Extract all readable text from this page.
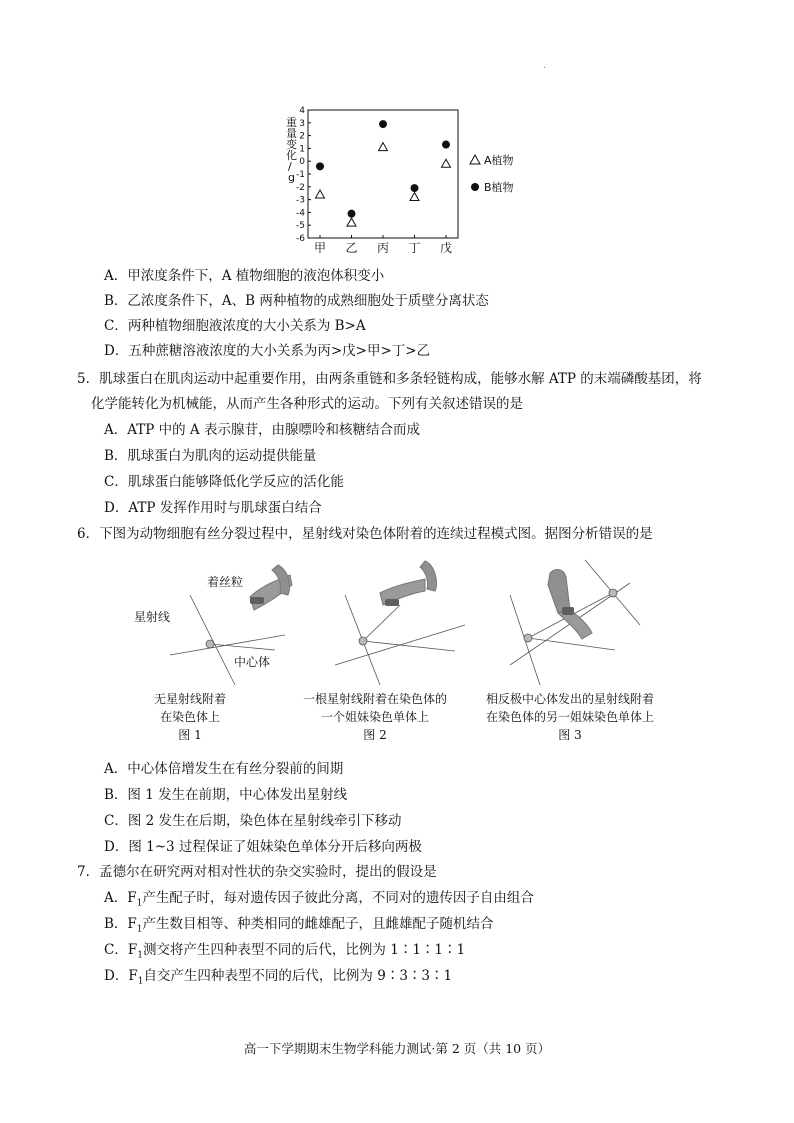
.
重量变化/ g
4
3
2
1
0
-1
-2
-3
-4
-5
-6
甲 乙 丙 丁 戊
A植物
B植物
A．甲浓度条件下，A 植物细胞的液泡体积变小
B．乙浓度条件下，A、B 两种植物的成熟细胞处于质壁分离状态
C．两种植物细胞液浓度的大小关系为 B>A
D．五种蔗糖溶液浓度的大小关系为丙>戊>甲>丁>乙
5．肌球蛋白在肌肉运动中起重要作用，由两条重链和多条轻链构成，能够水解 ATP 的末端磷酸基团，将
化学能转化为机械能，从而产生各种形式的运动。下列有关叙述错误的是
A．ATP 中的 A 表示腺苷，由腺嘌呤和核糖结合而成
B．肌球蛋白为肌肉的运动提供能量
C．肌球蛋白能够降低化学反应的活化能
D．ATP 发挥作用时与肌球蛋白结合
6．下图为动物细胞有丝分裂过程中，星射线对染色体附着的连续过程模式图。据图分析错误的是
着丝粒
星射线
中心体
无星射线附着
在染色体上
图 1
一根星射线附着在染色体的
一个姐妹染色单体上
图 2
相反极中心体发出的星射线附着
在染色体的另一姐妹染色单体上
图 3
A．中心体倍增发生在有丝分裂前的间期
B．图 1 发生在前期，中心体发出星射线
C．图 2 发生在后期，染色体在星射线牵引下移动
D．图 1~3 过程保证了姐妹染色单体分开后移向两极
7．孟德尔在研究两对相对性状的杂交实验时，提出的假设是
A．$F_1$产生配子时，每对遗传因子彼此分离，不同对的遗传因子自由组合
B．$F_1$产生数目相等、种类相同的雌雄配子，且雌雄配子随机结合
C．$F_1$测交将产生四种表型不同的后代，比例为 1∶1∶1∶1
D．$F_1$自交产生四种表型不同的后代，比例为 9∶3∶3∶1
高一下学期期末生物学科能力测试·第 2 页（共 10 页）
